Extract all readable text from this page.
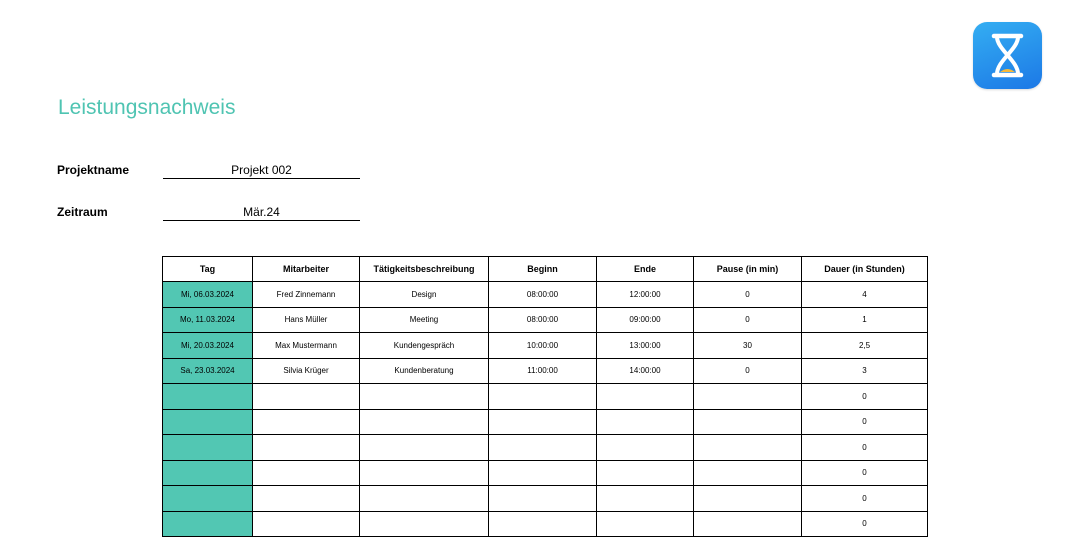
Leistungsnachweis
Projektname	Projekt 002
Zeitraum	Mär.24
Tag	Mitarbeiter	Tätigkeitsbeschreibung	Beginn	Ende	Pause (in min)	Dauer (in Stunden)
Mi, 06.03.2024	Fred Zinnemann	Design	08:00:00	12:00:00	0	4
Mo, 11.03.2024	Hans Müller	Meeting	08:00:00	09:00:00	0	1
Mi, 20.03.2024	Max Mustermann	Kundengespräch	10:00:00	13:00:00	30	2,5
Sa, 23.03.2024	Silvia Krüger	Kundenberatung	11:00:00	14:00:00	0	3
						0
						0
						0
						0
						0
						0
